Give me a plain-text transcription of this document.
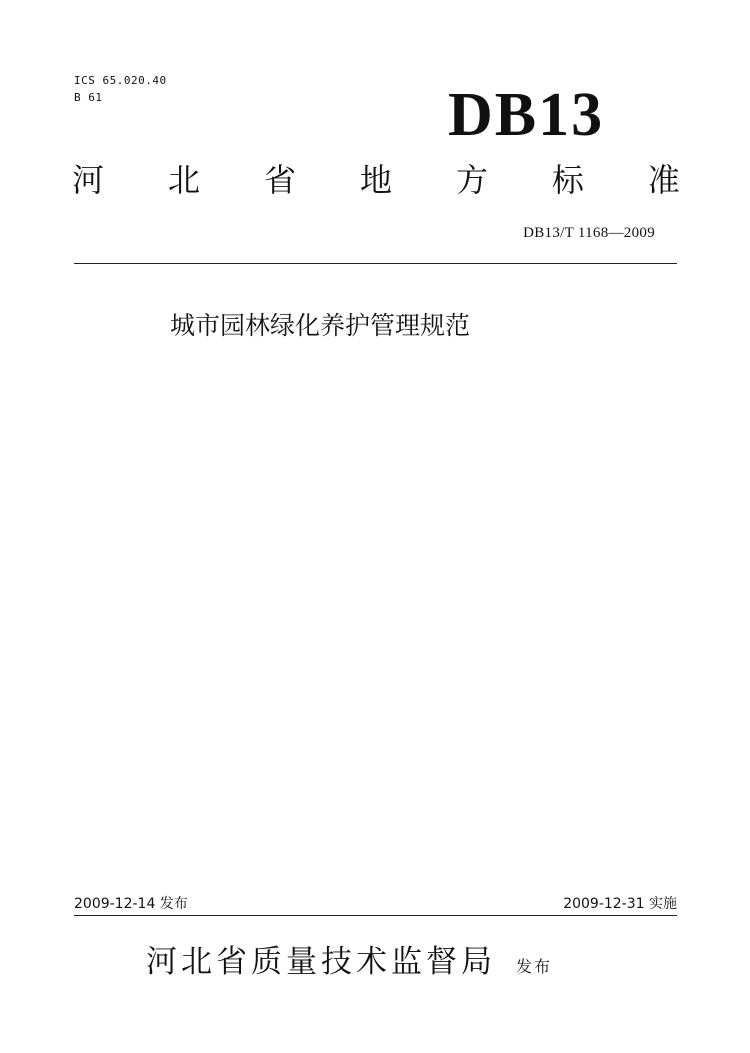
ICS 65.020.40
B 61	DB13
河 北 省 地 方 标 准
DB13/T 1168—2009
城市园林绿化养护管理规范
2009-12-14 发布	2009-12-31 实施
河北省质量技术监督局 发布
